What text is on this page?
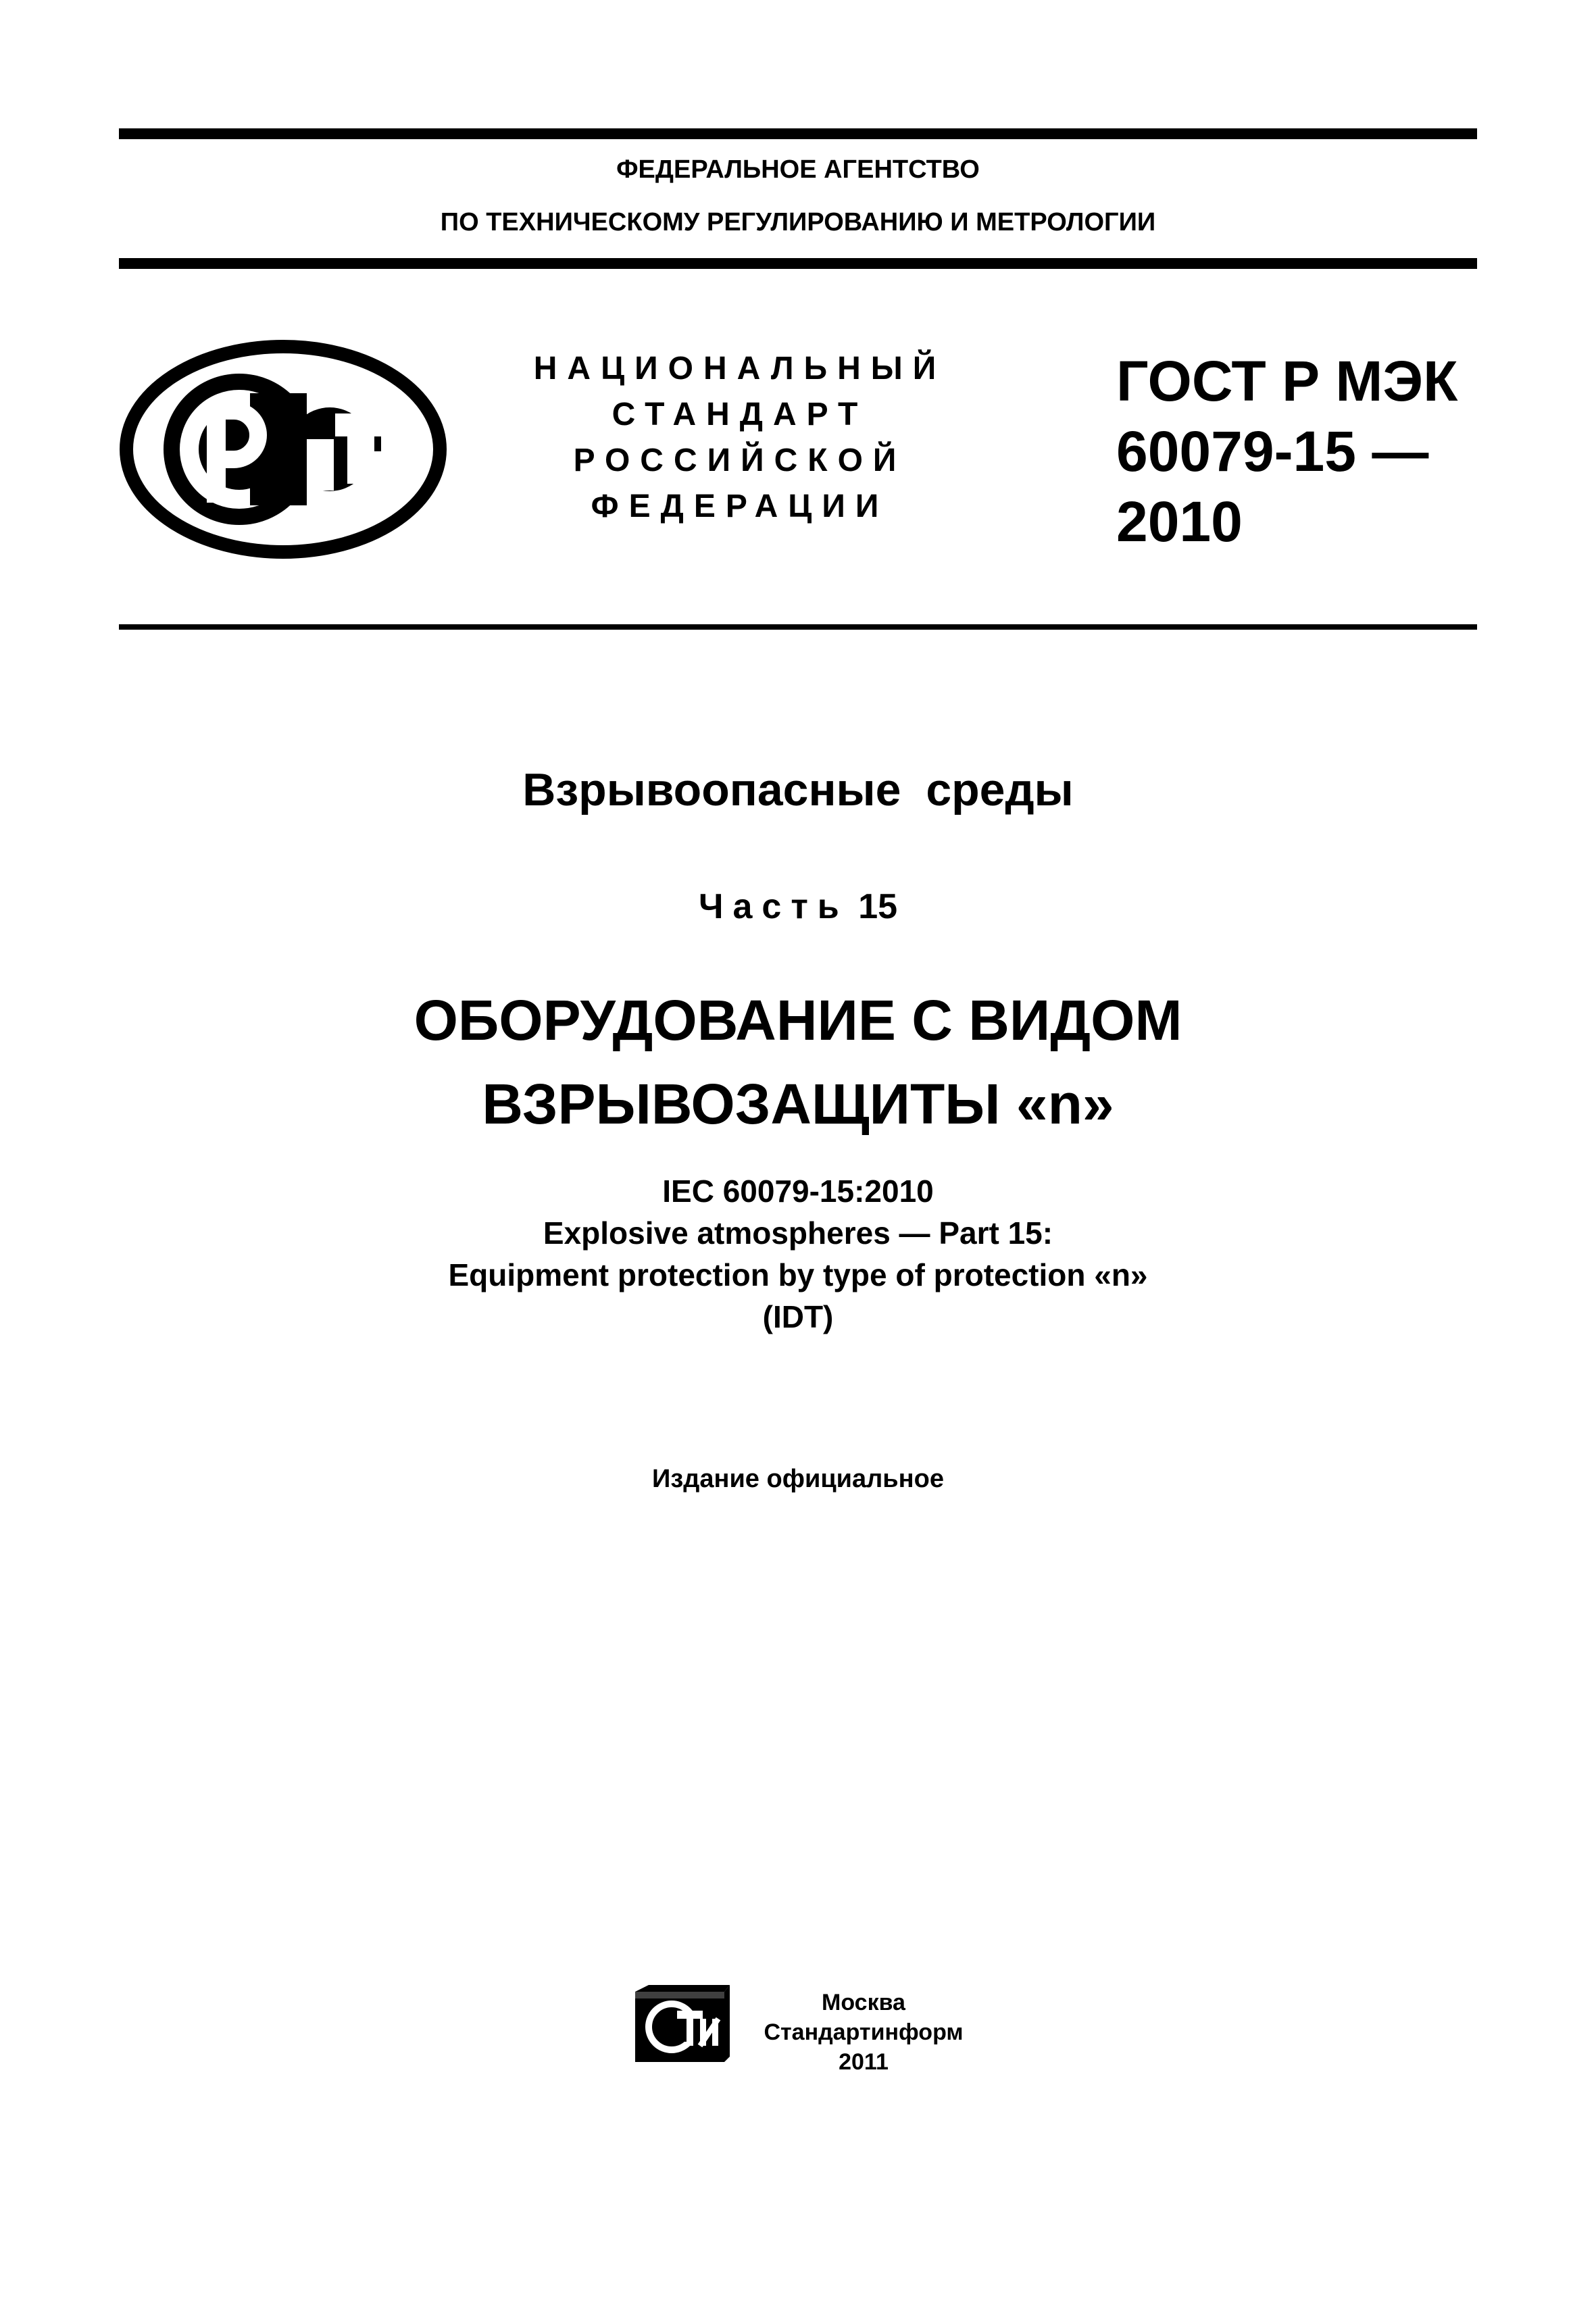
ФЕДЕРАЛЬНОЕ АГЕНТСТВО
ПО ТЕХНИЧЕСКОМУ РЕГУЛИРОВАНИЮ И МЕТРОЛОГИИ
НАЦИОНАЛЬНЫЙ
СТАНДАРТ
РОССИЙСКОЙ
ФЕДЕРАЦИИ
ГОСТ Р МЭК
60079-15 —
2010
Взрывоопасные среды
Часть 15
ОБОРУДОВАНИЕ С ВИДОМ
ВЗРЫВОЗАЩИТЫ «n»
IEC 60079-15:2010
Explosive atmospheres — Part 15:
Equipment protection by type of protection «n»
(IDT)
Издание официальное
Москва
Стандартинформ
2011
